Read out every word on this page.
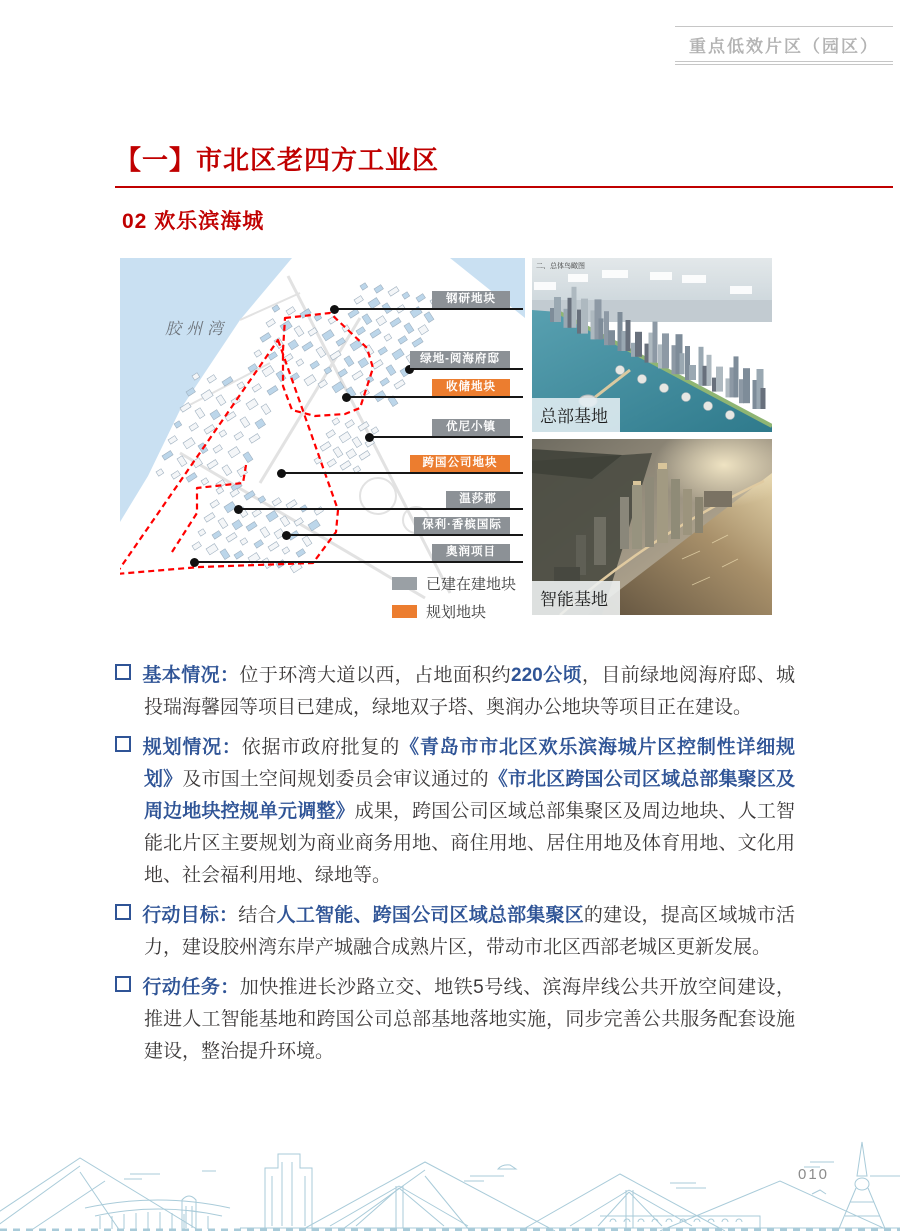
重点低效片区（园区）
【一】市北区老四方工业区
02 欢乐滨海城
胶州湾
钢研地块
绿地-阅海府邸
收储地块
优尼小镇
跨国公司地块
温莎郡
保利·香槟国际
奥润项目
已建在建地块
规划地块
二、总体鸟瞰图
总部基地
智能基地
基本情况：位于环湾大道以西，占地面积约220公顷，目前绿地阅海府邸、城投瑞海馨园等项目已建成，绿地双子塔、奥润办公地块等项目正在建设。
规划情况：依据市政府批复的《青岛市市北区欢乐滨海城片区控制性详细规划》及市国土空间规划委员会审议通过的《市北区跨国公司区域总部集聚区及周边地块控规单元调整》成果，跨国公司区域总部集聚区及周边地块、人工智能北片区主要规划为商业商务用地、商住用地、居住用地及体育用地、文化用地、社会福利用地、绿地等。
行动目标：结合人工智能、跨国公司区域总部集聚区的建设，提高区域城市活力，建设胶州湾东岸产城融合成熟片区，带动市北区西部老城区更新发展。
行动任务：加快推进长沙路立交、地铁5号线、滨海岸线公共开放空间建设，推进人工智能基地和跨国公司总部基地落地实施，同步完善公共服务配套设施建设，整治提升环境。
010
